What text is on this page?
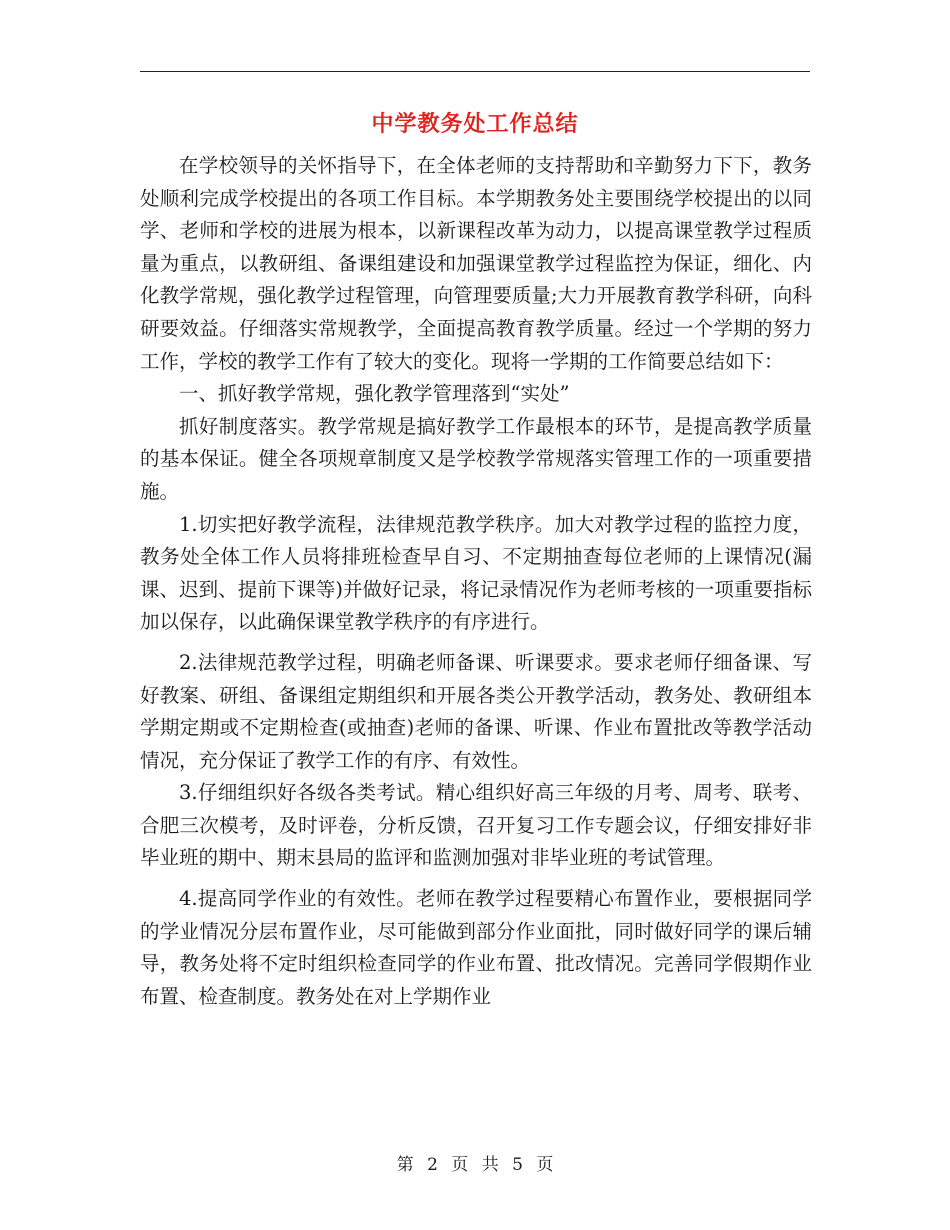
中学教务处工作总结

在学校领导的关怀指导下，在全体老师的支持帮助和辛勤努力下下，教务处顺利完成学校提出的各项工作目标。本学期教务处主要围绕学校提出的以同学、老师和学校的进展为根本，以新课程改革为动力，以提高课堂教学过程质量为重点，以教研组、备课组建设和加强课堂教学过程监控为保证，细化、内化教学常规，强化教学过程管理，向管理要质量;大力开展教育教学科研，向科研要效益。仔细落实常规教学，全面提高教育教学质量。经过一个学期的努力工作，学校的教学工作有了较大的变化。现将一学期的工作简要总结如下：

一、抓好教学常规，强化教学管理落到“实处”

抓好制度落实。教学常规是搞好教学工作最根本的环节，是提高教学质量的基本保证。健全各项规章制度又是学校教学常规落实管理工作的一项重要措施。

1.切实把好教学流程，法律规范教学秩序。加大对教学过程的监控力度，教务处全体工作人员将排班检查早自习、不定期抽查每位老师的上课情况(漏课、迟到、提前下课等)并做好记录，将记录情况作为老师考核的一项重要指标加以保存，以此确保课堂教学秩序的有序进行。

2.法律规范教学过程，明确老师备课、听课要求。要求老师仔细备课、写好教案、研组、备课组定期组织和开展各类公开教学活动，教务处、教研组本学期定期或不定期检查(或抽查)老师的备课、听课、作业布置批改等教学活动情况，充分保证了教学工作的有序、有效性。

3.仔细组织好各级各类考试。精心组织好高三年级的月考、周考、联考、合肥三次模考，及时评卷，分析反馈，召开复习工作专题会议，仔细安排好非毕业班的期中、期末县局的监评和监测加强对非毕业班的考试管理。

4.提高同学作业的有效性。老师在教学过程要精心布置作业，要根据同学的学业情况分层布置作业，尽可能做到部分作业面批，同时做好同学的课后辅导，教务处将不定时组织检查同学的作业布置、批改情况。完善同学假期作业布置、检查制度。教务处在对上学期作业

第 2 页 共 5 页
